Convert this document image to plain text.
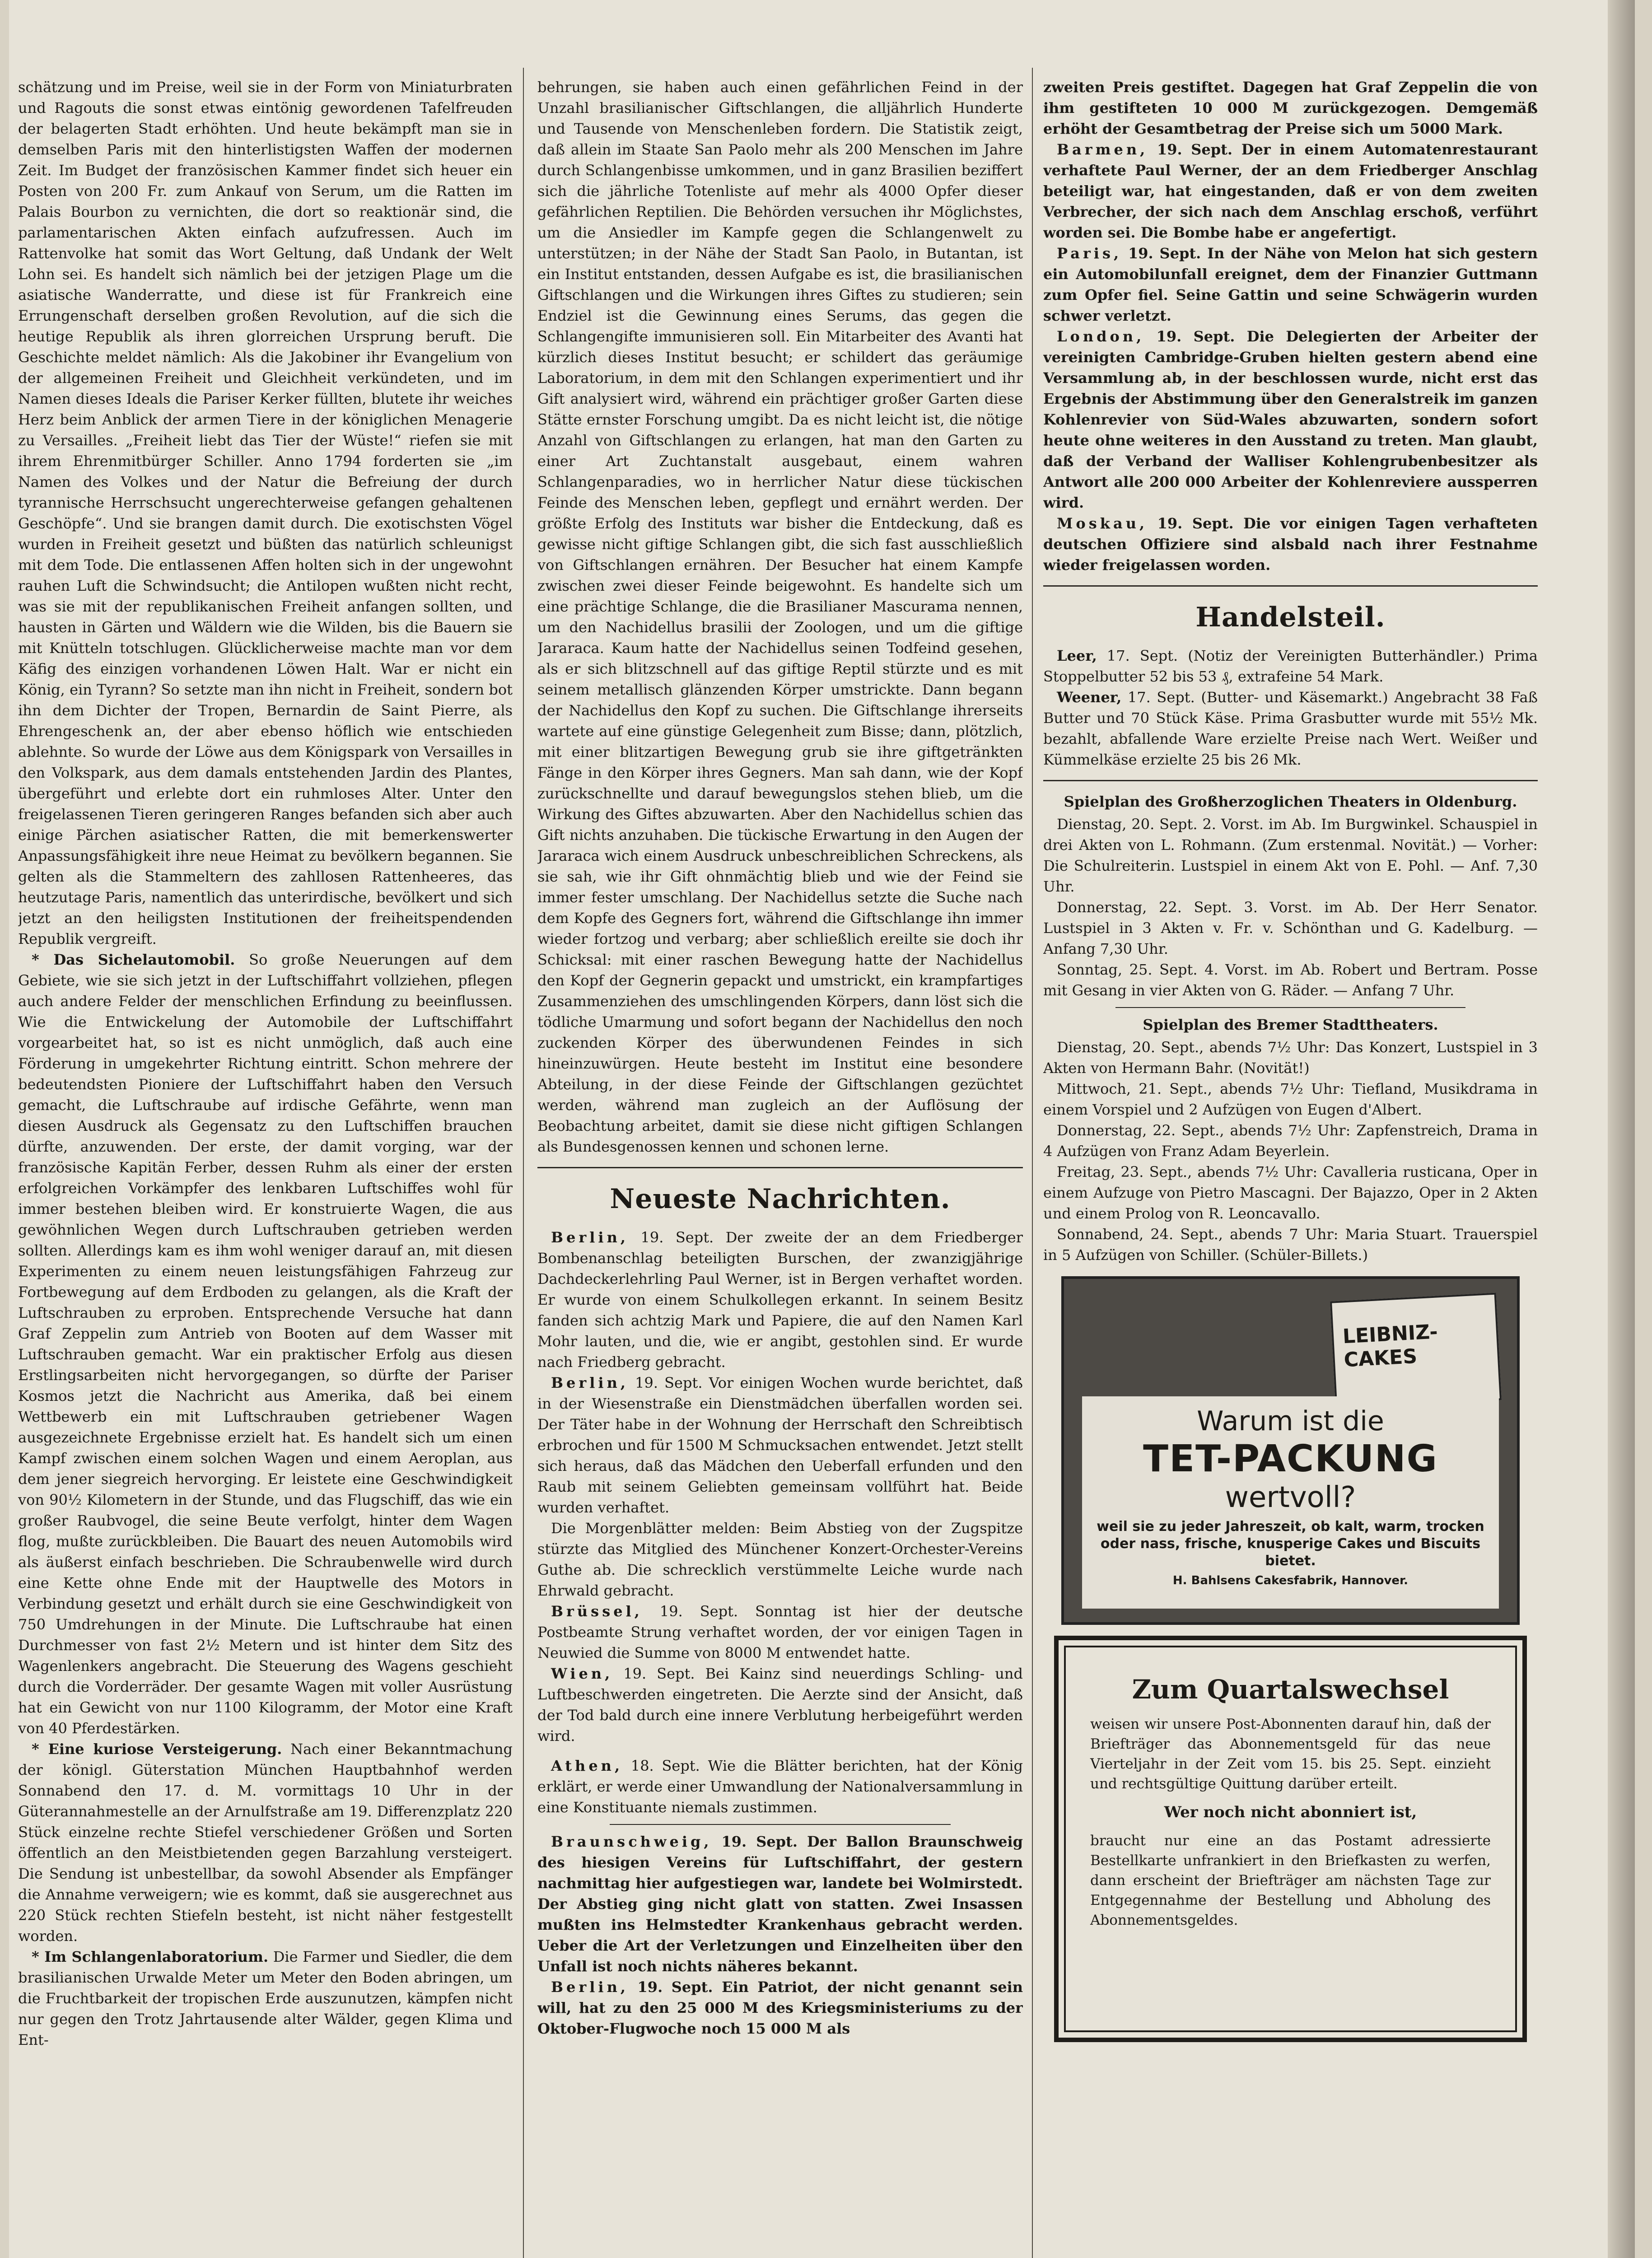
schätzung und im Preise, weil sie in der Form von Miniaturbraten und Ragouts die sonst etwas eintönig gewordenen Tafelfreuden der belagerten Stadt erhöhten. Und heute bekämpft man sie in demselben Paris mit den hinterlistigsten Waffen der modernen Zeit. Im Budget der französischen Kammer findet sich heuer ein Posten von 200 Fr. zum Ankauf von Serum, um die Ratten im Palais Bourbon zu vernichten, die dort so reaktionär sind, die parlamentarischen Akten einfach aufzufressen. Auch im Rattenvolke hat somit das Wort Geltung, daß Undank der Welt Lohn sei. Es handelt sich nämlich bei der jetzigen Plage um die asiatische Wanderratte, und diese ist für Frankreich eine Errungenschaft derselben großen Revolution, auf die sich die heutige Republik als ihren glorreichen Ursprung beruft. Die Geschichte meldet nämlich: Als die Jakobiner ihr Evangelium von der allgemeinen Freiheit und Gleichheit verkündeten, und im Namen dieses Ideals die Pariser Kerker füllten, blutete ihr weiches Herz beim Anblick der armen Tiere in der königlichen Menagerie zu Versailles. „Freiheit liebt das Tier der Wüste!“ riefen sie mit ihrem Ehrenmitbürger Schiller. Anno 1794 forderten sie „im Namen des Volkes und der Natur die Befreiung der durch tyrannische Herrschsucht ungerechterweise gefangen gehaltenen Geschöpfe“. Und sie brangen damit durch. Die exotischsten Vögel wurden in Freiheit gesetzt und büßten das natürlich schleunigst mit dem Tode. Die entlassenen Affen holten sich in der ungewohnt rauhen Luft die Schwindsucht; die Antilopen wußten nicht recht, was sie mit der republikanischen Freiheit anfangen sollten, und hausten in Gärten und Wäldern wie die Wilden, bis die Bauern sie mit Knütteln totschlugen. Glücklicherweise machte man vor dem Käfig des einzigen vorhandenen Löwen Halt. War er nicht ein König, ein Tyrann? So setzte man ihn nicht in Freiheit, sondern bot ihn dem Dichter der Tropen, Bernardin de Saint Pierre, als Ehrengeschenk an, der aber ebenso höflich wie entschieden ablehnte. So wurde der Löwe aus dem Königspark von Versailles in den Volkspark, aus dem damals entstehenden Jardin des Plantes, übergeführt und erlebte dort ein ruhmloses Alter. Unter den freigelassenen Tieren geringeren Ranges befanden sich aber auch einige Pärchen asiatischer Ratten, die mit bemerkenswerter Anpassungsfähigkeit ihre neue Heimat zu bevölkern begannen. Sie gelten als die Stammeltern des zahllosen Rattenheeres, das heutzutage Paris, namentlich das unterirdische, bevölkert und sich jetzt an den heiligsten Institutionen der freiheitspendenden Republik vergreift.

* Das Sichelautomobil. So große Neuerungen auf dem Gebiete, wie sie sich jetzt in der Luftschiffahrt vollziehen, pflegen auch andere Felder der menschlichen Erfindung zu beeinflussen. Wie die Entwickelung der Automobile der Luftschiffahrt vorgearbeitet hat, so ist es nicht unmöglich, daß auch eine Förderung in umgekehrter Richtung eintritt. Schon mehrere der bedeutendsten Pioniere der Luftschiffahrt haben den Versuch gemacht, die Luftschraube auf irdische Gefährte, wenn man diesen Ausdruck als Gegensatz zu den Luftschiffen brauchen dürfte, anzuwenden. Der erste, der damit vorging, war der französische Kapitän Ferber, dessen Ruhm als einer der ersten erfolgreichen Vorkämpfer des lenkbaren Luftschiffes wohl für immer bestehen bleiben wird. Er konstruierte Wagen, die aus gewöhnlichen Wegen durch Luftschrauben getrieben werden sollten. Allerdings kam es ihm wohl weniger darauf an, mit diesen Experimenten zu einem neuen leistungsfähigen Fahrzeug zur Fortbewegung auf dem Erdboden zu gelangen, als die Kraft der Luftschrauben zu erproben. Entsprechende Versuche hat dann Graf Zeppelin zum Antrieb von Booten auf dem Wasser mit Luftschrauben gemacht. War ein praktischer Erfolg aus diesen Erstlingsarbeiten nicht hervorgegangen, so dürfte der Pariser Kosmos jetzt die Nachricht aus Amerika, daß bei einem Wettbewerb ein mit Luftschrauben getriebener Wagen ausgezeichnete Ergebnisse erzielt hat. Es handelt sich um einen Kampf zwischen einem solchen Wagen und einem Aeroplan, aus dem jener siegreich hervorging. Er leistete eine Geschwindigkeit von 90½ Kilometern in der Stunde, und das Flugschiff, das wie ein großer Raubvogel, die seine Beute verfolgt, hinter dem Wagen flog, mußte zurückbleiben. Die Bauart des neuen Automobils wird als äußerst einfach beschrieben. Die Schraubenwelle wird durch eine Kette ohne Ende mit der Hauptwelle des Motors in Verbindung gesetzt und erhält durch sie eine Geschwindigkeit von 750 Umdrehungen in der Minute. Die Luftschraube hat einen Durchmesser von fast 2½ Metern und ist hinter dem Sitz des Wagenlenkers angebracht. Die Steuerung des Wagens geschieht durch die Vorderräder. Der gesamte Wagen mit voller Ausrüstung hat ein Gewicht von nur 1100 Kilogramm, der Motor eine Kraft von 40 Pferdestärken.

* Eine kuriose Versteigerung. Nach einer Bekanntmachung der königl. Güterstation München Hauptbahnhof werden Sonnabend den 17. d. M. vormittags 10 Uhr in der Güterannahmestelle an der Arnulfstraße am 19. Differenzplatz 220 Stück einzelne rechte Stiefel verschiedener Größen und Sorten öffentlich an den Meistbietenden gegen Barzahlung versteigert. Die Sendung ist unbestellbar, da sowohl Absender als Empfänger die Annahme verweigern; wie es kommt, daß sie ausgerechnet aus 220 Stück rechten Stiefeln besteht, ist nicht näher festgestellt worden.

* Im Schlangenlaboratorium. Die Farmer und Siedler, die dem brasilianischen Urwalde Meter um Meter den Boden abringen, um die Fruchtbarkeit der tropischen Erde auszunutzen, kämpfen nicht nur gegen den Trotz Jahrtausende alter Wälder, gegen Klima und Ent-

behrungen, sie haben auch einen gefährlichen Feind in der Unzahl brasilianischer Giftschlangen, die alljährlich Hunderte und Tausende von Menschenleben fordern. Die Statistik zeigt, daß allein im Staate San Paolo mehr als 200 Menschen im Jahre durch Schlangenbisse umkommen, und in ganz Brasilien beziffert sich die jährliche Totenliste auf mehr als 4000 Opfer dieser gefährlichen Reptilien. Die Behörden versuchen ihr Möglichstes, um die Ansiedler im Kampfe gegen die Schlangenwelt zu unterstützen; in der Nähe der Stadt San Paolo, in Butantan, ist ein Institut entstanden, dessen Aufgabe es ist, die brasilianischen Giftschlangen und die Wirkungen ihres Giftes zu studieren; sein Endziel ist die Gewinnung eines Serums, das gegen die Schlangengifte immunisieren soll. Ein Mitarbeiter des Avanti hat kürzlich dieses Institut besucht; er schildert das geräumige Laboratorium, in dem mit den Schlangen experimentiert und ihr Gift analysiert wird, während ein prächtiger großer Garten diese Stätte ernster Forschung umgibt. Da es nicht leicht ist, die nötige Anzahl von Giftschlangen zu erlangen, hat man den Garten zu einer Art Zuchtanstalt ausgebaut, einem wahren Schlangenparadies, wo in herrlicher Natur diese tückischen Feinde des Menschen leben, gepflegt und ernährt werden. Der größte Erfolg des Instituts war bisher die Entdeckung, daß es gewisse nicht giftige Schlangen gibt, die sich fast ausschließlich von Giftschlangen ernähren. Der Besucher hat einem Kampfe zwischen zwei dieser Feinde beigewohnt. Es handelte sich um eine prächtige Schlange, die die Brasilianer Mascurama nennen, um den Nachidellus brasilii der Zoologen, und um die giftige Jararaca. Kaum hatte der Nachidellus seinen Todfeind gesehen, als er sich blitzschnell auf das giftige Reptil stürzte und es mit seinem metallisch glänzenden Körper umstrickte. Dann begann der Nachidellus den Kopf zu suchen. Die Giftschlange ihrerseits wartete auf eine günstige Gelegenheit zum Bisse; dann, plötzlich, mit einer blitzartigen Bewegung grub sie ihre giftgetränkten Fänge in den Körper ihres Gegners. Man sah dann, wie der Kopf zurückschnellte und darauf bewegungslos stehen blieb, um die Wirkung des Giftes abzuwarten. Aber den Nachidellus schien das Gift nichts anzuhaben. Die tückische Erwartung in den Augen der Jararaca wich einem Ausdruck unbeschreiblichen Schreckens, als sie sah, wie ihr Gift ohnmächtig blieb und wie der Feind sie immer fester umschlang. Der Nachidellus setzte die Suche nach dem Kopfe des Gegners fort, während die Giftschlange ihn immer wieder fortzog und verbarg; aber schließlich ereilte sie doch ihr Schicksal: mit einer raschen Bewegung hatte der Nachidellus den Kopf der Gegnerin gepackt und umstrickt, ein krampfartiges Zusammenziehen des umschlingenden Körpers, dann löst sich die tödliche Umarmung und sofort begann der Nachidellus den noch zuckenden Körper des überwundenen Feindes in sich hineinzuwürgen. Heute besteht im Institut eine besondere Abteilung, in der diese Feinde der Giftschlangen gezüchtet werden, während man zugleich an der Auflösung der Beobachtung arbeitet, damit sie diese nicht giftigen Schlangen als Bundesgenossen kennen und schonen lerne.

Neueste Nachrichten.

Berlin, 19. Sept. Der zweite der an dem Friedberger Bombenanschlag beteiligten Burschen, der zwanzigjährige Dachdeckerlehrling Paul Werner, ist in Bergen verhaftet worden. Er wurde von einem Schulkollegen erkannt. In seinem Besitz fanden sich achtzig Mark und Papiere, die auf den Namen Karl Mohr lauten, und die, wie er angibt, gestohlen sind. Er wurde nach Friedberg gebracht.

Berlin, 19. Sept. Vor einigen Wochen wurde berichtet, daß in der Wiesenstraße ein Dienstmädchen überfallen worden sei. Der Täter habe in der Wohnung der Herrschaft den Schreibtisch erbrochen und für 1500 M Schmucksachen entwendet. Jetzt stellt sich heraus, daß das Mädchen den Ueberfall erfunden und den Raub mit seinem Geliebten gemeinsam vollführt hat. Beide wurden verhaftet.

Die Morgenblätter melden: Beim Abstieg von der Zugspitze stürzte das Mitglied des Münchener Konzert-Orchester-Vereins Guthe ab. Die schrecklich verstümmelte Leiche wurde nach Ehrwald gebracht.

Brüssel, 19. Sept. Sonntag ist hier der deutsche Postbeamte Strung verhaftet worden, der vor einigen Tagen in Neuwied die Summe von 8000 M entwendet hatte.

Wien, 19. Sept. Bei Kainz sind neuerdings Schling- und Luftbeschwerden eingetreten. Die Aerzte sind der Ansicht, daß der Tod bald durch eine innere Verblutung herbeigeführt werden wird.

Athen, 18. Sept. Wie die Blätter berichten, hat der König erklärt, er werde einer Umwandlung der Nationalversammlung in eine Konstituante niemals zustimmen.

Braunschweig, 19. Sept. Der Ballon Braunschweig des hiesigen Vereins für Luftschiffahrt, der gestern nachmittag hier aufgestiegen war, landete bei Wolmirstedt. Der Abstieg ging nicht glatt von statten. Zwei Insassen mußten ins Helmstedter Krankenhaus gebracht werden. Ueber die Art der Verletzungen und Einzelheiten über den Unfall ist noch nichts näheres bekannt.

Berlin, 19. Sept. Ein Patriot, der nicht genannt sein will, hat zu den 25 000 M des Kriegsministeriums zu der Oktober-Flugwoche noch 15 000 M als

zweiten Preis gestiftet. Dagegen hat Graf Zeppelin die von ihm gestifteten 10 000 M zurückgezogen. Demgemäß erhöht der Gesamtbetrag der Preise sich um 5000 Mark.

Barmen, 19. Sept. Der in einem Automatenrestaurant verhaftete Paul Werner, der an dem Friedberger Anschlag beteiligt war, hat eingestanden, daß er von dem zweiten Verbrecher, der sich nach dem Anschlag erschoß, verführt worden sei. Die Bombe habe er angefertigt.

Paris, 19. Sept. In der Nähe von Melon hat sich gestern ein Automobilunfall ereignet, dem der Finanzier Guttmann zum Opfer fiel. Seine Gattin und seine Schwägerin wurden schwer verletzt.

London, 19. Sept. Die Delegierten der Arbeiter der vereinigten Cambridge-Gruben hielten gestern abend eine Versammlung ab, in der beschlossen wurde, nicht erst das Ergebnis der Abstimmung über den Generalstreik im ganzen Kohlenrevier von Süd-Wales abzuwarten, sondern sofort heute ohne weiteres in den Ausstand zu treten. Man glaubt, daß der Verband der Walliser Kohlengrubenbesitzer als Antwort alle 200 000 Arbeiter der Kohlenreviere aussperren wird.

Moskau, 19. Sept. Die vor einigen Tagen verhafteten deutschen Offiziere sind alsbald nach ihrer Festnahme wieder freigelassen worden.

Handelsteil.

Leer, 17. Sept. (Notiz der Vereinigten Butterhändler.) Prima Stoppelbutter 52 bis 53 ₰, extrafeine 54 Mark.

Weener, 17. Sept. (Butter- und Käsemarkt.) Angebracht 38 Faß Butter und 70 Stück Käse. Prima Grasbutter wurde mit 55½ Mk. bezahlt, abfallende Ware erzielte Preise nach Wert. Weißer und Kümmelkäse erzielte 25 bis 26 Mk.

Spielplan des Großherzoglichen Theaters in Oldenburg.

Dienstag, 20. Sept. 2. Vorst. im Ab. Im Burgwinkel. Schauspiel in drei Akten von L. Rohmann. (Zum erstenmal. Novität.) — Vorher: Die Schulreiterin. Lustspiel in einem Akt von E. Pohl. — Anf. 7,30 Uhr.

Donnerstag, 22. Sept. 3. Vorst. im Ab. Der Herr Senator. Lustspiel in 3 Akten v. Fr. v. Schönthan und G. Kadelburg. — Anfang 7,30 Uhr.

Sonntag, 25. Sept. 4. Vorst. im Ab. Robert und Bertram. Posse mit Gesang in vier Akten von G. Räder. — Anfang 7 Uhr.

Spielplan des Bremer Stadttheaters.

Dienstag, 20. Sept., abends 7½ Uhr: Das Konzert, Lustspiel in 3 Akten von Hermann Bahr. (Novität!)

Mittwoch, 21. Sept., abends 7½ Uhr: Tiefland, Musikdrama in einem Vorspiel und 2 Aufzügen von Eugen d'Albert.

Donnerstag, 22. Sept., abends 7½ Uhr: Zapfenstreich, Drama in 4 Aufzügen von Franz Adam Beyerlein.

Freitag, 23. Sept., abends 7½ Uhr: Cavalleria rusticana, Oper in einem Aufzuge von Pietro Mascagni. Der Bajazzo, Oper in 2 Akten und einem Prolog von R. Leoncavallo.

Sonnabend, 24. Sept., abends 7 Uhr: Maria Stuart. Trauerspiel in 5 Aufzügen von Schiller. (Schüler-Billets.)

LEIBNIZ-CAKES
Warum ist die
TET-PACKUNG
wertvoll?
weil sie zu jeder Jahreszeit, ob kalt, warm, trocken oder nass, frische, knusperige Cakes und Biscuits bietet.
H. Bahlsens Cakesfabrik, Hannover.
Zum Quartalswechsel

weisen wir unsere Post-Abonnenten darauf hin, daß der Briefträger das Abonnementsgeld für das neue Vierteljahr in der Zeit vom 15. bis 25. Sept. einzieht und rechtsgültige Quittung darüber erteilt.

Wer noch nicht abonniert ist,

braucht nur eine an das Postamt adressierte Bestellkarte unfrankiert in den Briefkasten zu werfen, dann erscheint der Briefträger am nächsten Tage zur Entgegennahme der Bestellung und Abholung des Abonnementsgeldes.
